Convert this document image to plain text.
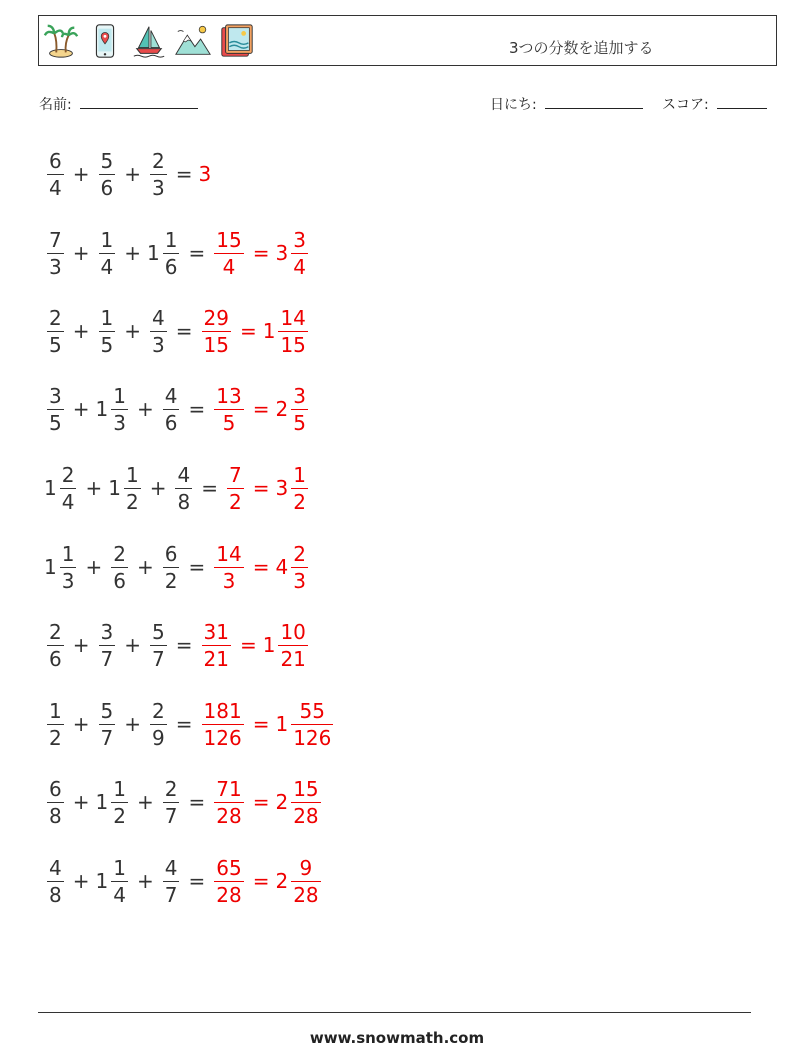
3つの分数を追加する
名前:	日にち:	スコア:
$\frac{6}{4} + \frac{5}{6} + \frac{2}{3} = 3$
$\frac{7}{3} + \frac{1}{4} + 1 \frac{1}{6} = \frac{15}{4} = 3 \frac{3}{4}$
$\frac{2}{5} + \frac{1}{5} + \frac{4}{3} = \frac{29}{15} = 1 \frac{14}{15}$
$\frac{3}{5} + 1 \frac{1}{3} + \frac{4}{6} = \frac{13}{5} = 2 \frac{3}{5}$
$1 \frac{2}{4} + 1 \frac{1}{2} + \frac{4}{8} = \frac{7}{2} = 3 \frac{1}{2}$
$1 \frac{1}{3} + \frac{2}{6} + \frac{6}{2} = \frac{14}{3} = 4 \frac{2}{3}$
$\frac{2}{6} + \frac{3}{7} + \frac{5}{7} = \frac{31}{21} = 1 \frac{10}{21}$
$\frac{1}{2} + \frac{5}{7} + \frac{2}{9} = \frac{181}{126} = 1 \frac{55}{126}$
$\frac{6}{8} + 1 \frac{1}{2} + \frac{2}{7} = \frac{71}{28} = 2 \frac{15}{28}$
$\frac{4}{8} + 1 \frac{1}{4} + \frac{4}{7} = \frac{65}{28} = 2 \frac{9}{28}$
www.snowmath.com
